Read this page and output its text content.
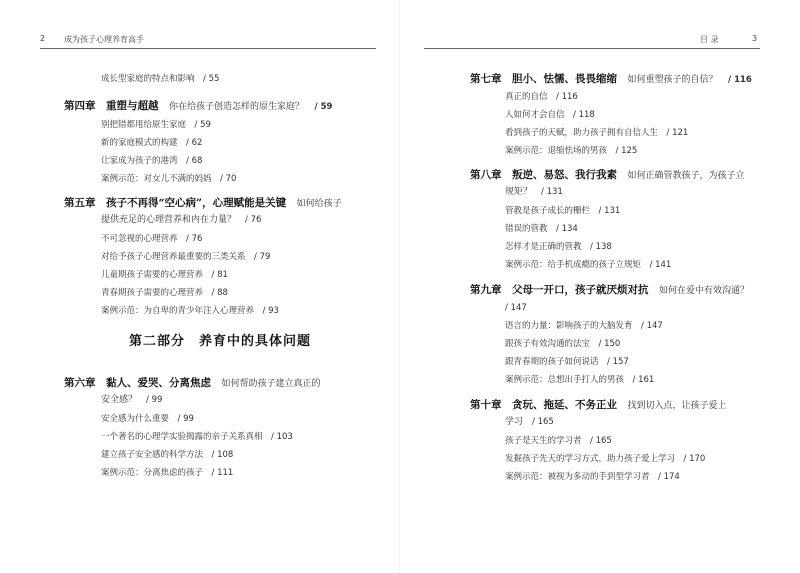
2 成为孩子心理养育高手
成长型家庭的特点和影响　 / 55
第四章　 重塑与超越　 你在给孩子创造怎样的原生家庭？　 / 59
别把错都甩给原生家庭　 / 59
新的家庭模式的构建　 / 62
让家成为孩子的港湾　 / 68
案例示范：对女儿不满的妈妈　 / 70
第五章　 孩子不再得“空心病”，心理赋能是关键　 如何给孩子
提供充足的心理营养和内在力量？　 / 76
不可忽视的心理营养　 / 76
对给予孩子心理营养最重要的三类关系　 / 79
儿童期孩子需要的心理营养　 / 81
青春期孩子需要的心理营养　 / 88
案例示范：为自卑的青少年注入心理营养　 / 93
第二部分　养育中的具体问题
第六章　 黏人、爱哭、分离焦虑　 如何帮助孩子建立真正的
安全感？　 / 99
安全感为什么重要　 / 99
一个著名的心理学实验揭露的亲子关系真相　 / 103
建立孩子安全感的科学方法　 / 108
案例示范：分离焦虑的孩子　 / 111
目 录	3
第七章　 胆小、怯懦、畏畏缩缩　 如何重塑孩子的自信？　 / 116
真正的自信　 / 116
人如何才会自信　 / 118
看到孩子的天赋，助力孩子拥有自信人生　 / 121
案例示范：退缩怯场的男孩　 / 125
第八章　 叛逆、易怒、我行我素　 如何正确管教孩子，为孩子立
规矩？　 / 131
管教是孩子成长的栅栏　 / 131
错误的管教　 / 134
怎样才是正确的管教　 / 138
案例示范：给手机成瘾的孩子立规矩　 / 141
第九章　 父母一开口，孩子就厌烦对抗　 如何在爱中有效沟通？
/ 147
语言的力量：影响孩子的大脑发育　 / 147
跟孩子有效沟通的法宝　 / 150
跟青春期的孩子如何说话　 / 157
案例示范：总想出手打人的男孩　 / 161
第十章　 贪玩、拖延、不务正业　 找到切入点，让孩子爱上
学习　 / 165
孩子是天生的学习者　 / 165
发掘孩子先天的学习方式，助力孩子爱上学习　 / 170
案例示范：被视为多动的手到型学习者　 / 174
